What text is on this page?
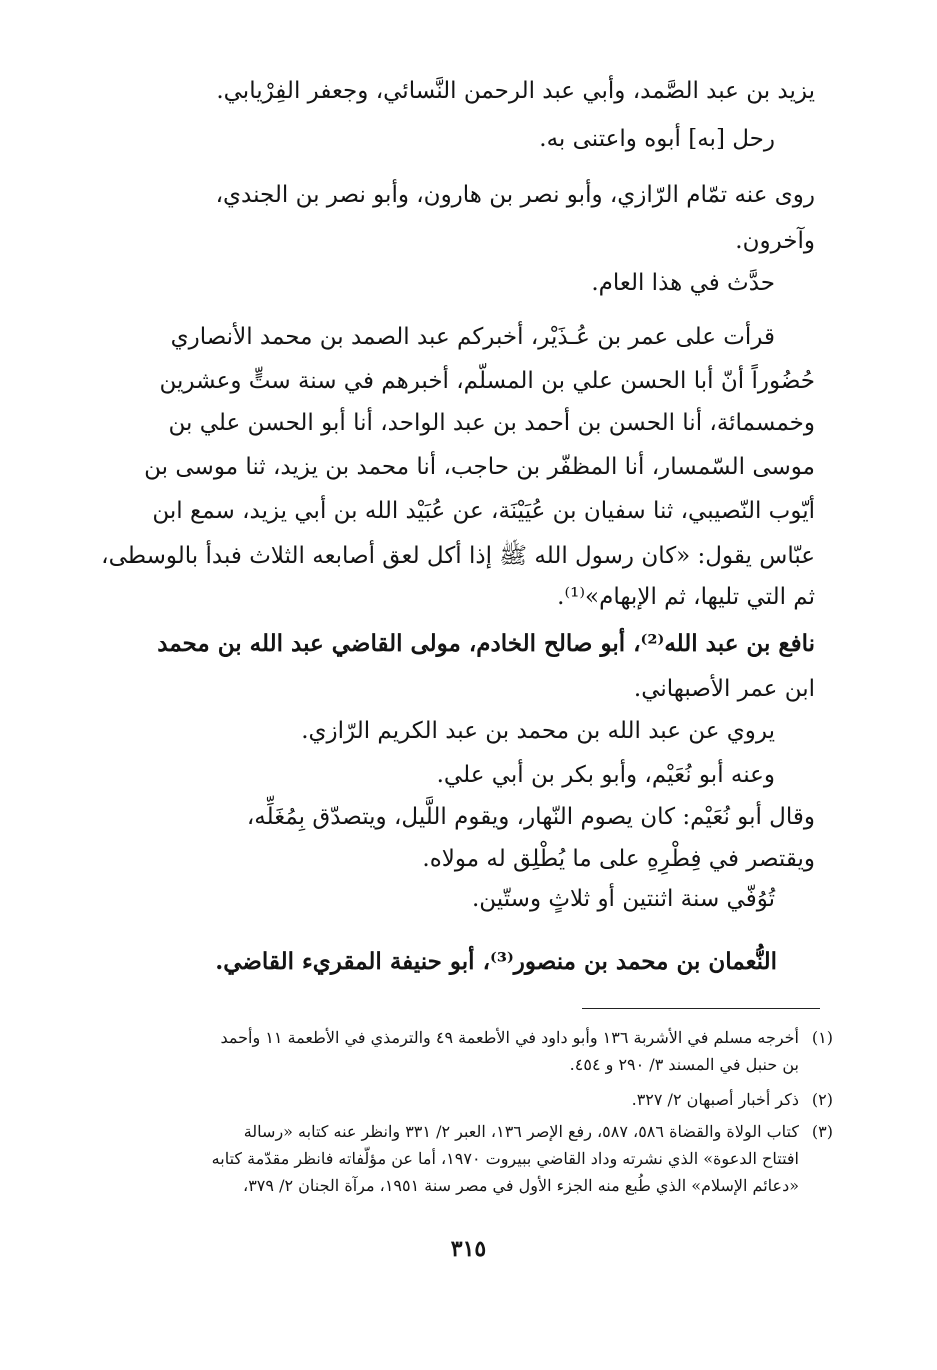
يزيد بن عبد الصَّمد، وأبي عبد الرحمن النَّسائي، وجعفر الفِرْيابي.
رحل [به] أبوه واعتنى به.
روى عنه تمّام الرّازي، وأبو نصر بن هارون، وأبو نصر بن الجندي،
وآخرون.
حدَّث في هذا العام.
قرأت على عمر بن عُـذَيْر، أخبركم عبد الصمد بن محمد الأنصاري
حُضُوراً أنّ أبا الحسن علي بن المسلّم، أخبرهم في سنة ستٍّ وعشرين
وخمسمائة، أنا الحسن بن أحمد بن عبد الواحد، أنا أبو الحسن علي بن
موسى السّمسار، أنا المظفّر بن حاجب، أنا محمد بن يزيد، ثنا موسى بن
أيّوب النّصيبي، ثنا سفيان بن عُيَيْنَة، عن عُبَيْد الله بن أبي يزيد، سمع ابن
عبّاس يقول: «كان رسول الله ﷺ إذا أكل لعق أصابعه الثلاث فبدأ بالوسطى،
ثم التي تليها، ثم الإبهام»⁽¹⁾.
نافع بن عبد الله⁽²⁾، أبو صالح الخادم، مولى القاضي عبد الله بن محمد
ابن عمر الأصبهاني.
يروي عن عبد الله بن محمد بن عبد الكريم الرّازي.
وعنه أبو نُعَيْم، وأبو بكر بن أبي علي.
وقال أبو نُعَيْم: كان يصوم النّهار، ويقوم اللَّيل، ويتصدّق بِمُغَلِّه،
ويقتصر في فِطْرِهِ على ما يُطْلِق له مولاه.
تُوُفّي سنة اثنتين أو ثلاثٍ وستّين.
النُّعمان بن محمد بن منصور⁽³⁾، أبو حنيفة المقريء القاضي.
(١)أخرجه مسلم في الأشربة ١٣٦ وأبو داود في الأطعمة ٤٩ والترمذي في الأطعمة ١١ وأحمد
بن حنبل في المسند ٣/ ٢٩٠ و ٤٥٤.
(٢)ذكر أخبار أصبهان ٢/ ٣٢٧.
(٣)كتاب الولاة والقضاة ٥٨٦، ٥٨٧، رفع الإصر ١٣٦، العبر ٢/ ٣٣١ وانظر عنه كتابه «رسالة
افتتاح الدعوة» الذي نشرته وداد القاضي ببيروت ١٩٧٠، أما عن مؤلّفاته فانظر مقدّمة كتابه
«دعائم الإسلام» الذي طُبع منه الجزء الأول في مصر سنة ١٩٥١، مرآة الجنان ٢/ ٣٧٩،
٣١٥
